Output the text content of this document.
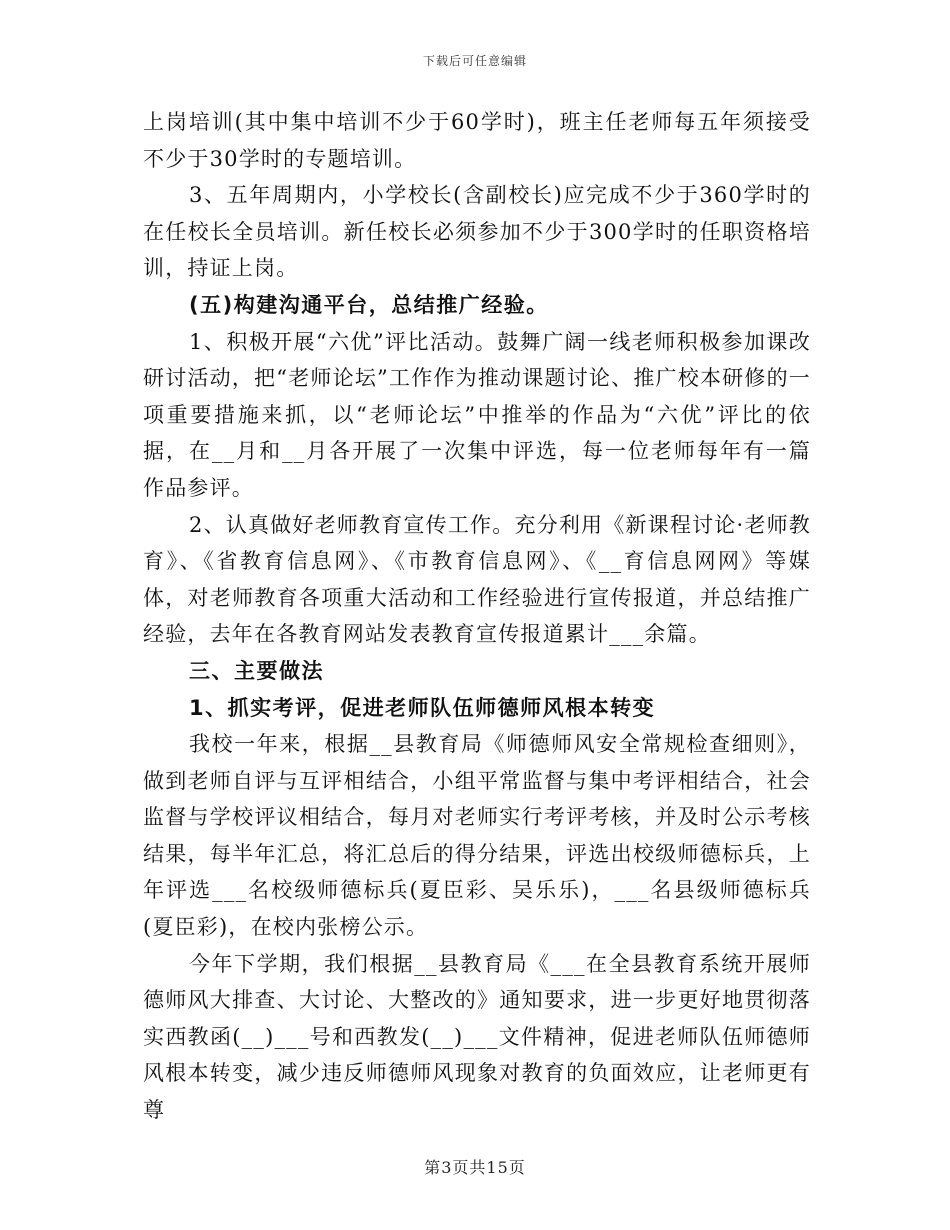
下载后可任意编辑

上岗培训(其中集中培训不少于60学时)，班主任老师每五年须接受不少于30学时的专题培训。

3、五年周期内，小学校长(含副校长)应完成不少于360学时的在任校长全员培训。新任校长必须参加不少于300学时的任职资格培训，持证上岗。

(五)构建沟通平台，总结推广经验。

1、积极开展“六优”评比活动。鼓舞广阔一线老师积极参加课改研讨活动，把“老师论坛”工作作为推动课题讨论、推广校本研修的一项重要措施来抓，以“老师论坛”中推举的作品为“六优”评比的依据，在__月和__月各开展了一次集中评选，每一位老师每年有一篇作品参评。

2、认真做好老师教育宣传工作。充分利用《新课程讨论·老师教育》、《省教育信息网》、《市教育信息网》、《__育信息网网》等媒体，对老师教育各项重大活动和工作经验进行宣传报道，并总结推广经验，去年在各教育网站发表教育宣传报道累计___余篇。

三、主要做法

1、抓实考评，促进老师队伍师德师风根本转变

我校一年来，根据__县教育局《师德师风安全常规检查细则》，做到老师自评与互评相结合，小组平常监督与集中考评相结合，社会监督与学校评议相结合，每月对老师实行考评考核，并及时公示考核结果，每半年汇总，将汇总后的得分结果，评选出校级师德标兵，上年评选___名校级师德标兵(夏臣彩、吴乐乐)，___名县级师德标兵(夏臣彩)，在校内张榜公示。

今年下学期，我们根据__县教育局《___在全县教育系统开展师德师风大排查、大讨论、大整改的》通知要求，进一步更好地贯彻落实西教函(__)___号和西教发(__)___文件精神，促进老师队伍师德师风根本转变，减少违反师德师风现象对教育的负面效应，让老师更有尊

第3页共15页
